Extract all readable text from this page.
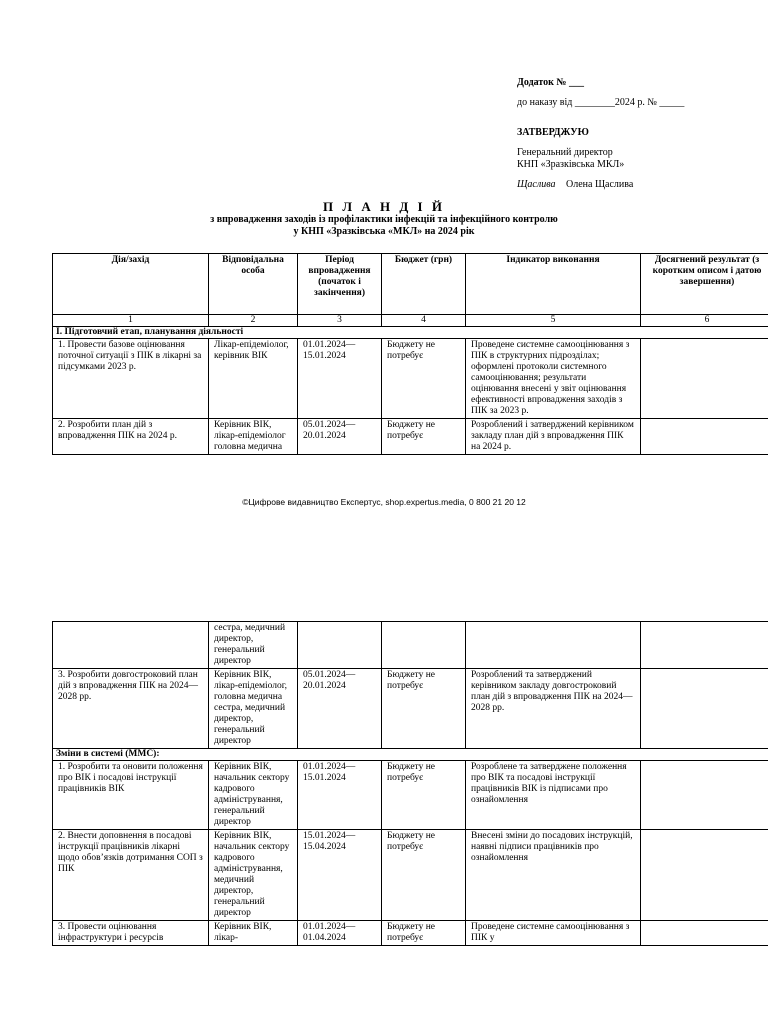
Додаток № ___
до наказу від ________2024 р. № _____
ЗАТВЕРДЖУЮ
Генеральний директор
КНП «Зразківська МКЛ»
Щаслива Олена Щаслива
П Л А Н Д І Й
з впровадження заходів із профілактики інфекцій та інфекційного контролю
у КНП «Зразківська «МКЛ» на 2024 рік
Дія/захід	Відповідальна особа	Період впровадження (початок і закінчення)	Бюджет (грн)	Індикатор виконання	Досягнений результат (з коротким описом і датою завершення)
1	2	3	4	5	6
І. Підготовчий етап, планування діяльності					
1. Провести базове оцінювання поточної ситуації з ПІК в лікарні за підсумками 2023 р.	Лікар-епідеміолог, керівник ВІК	01.01.2024—15.01.2024	Бюджету не потребує	Проведене системне самооцінювання з ПІК в структурних підрозділах; оформлені протоколи системного самооцінювання; результати оцінювання внесені у звіт оцінювання ефективності впровадження заходів з ПІК за 2023 р.	
2. Розробити план дій з впровадження ПІК на 2024 р.	Керівник ВІК, лікар-епідеміолог головна медична	05.01.2024—20.01.2024	Бюджету не потребує	Розроблений і затверджений керівником закладу план дій з впровадження ПІК на 2024 р.	
©Цифрове видавництво Експертус, shop.expertus.media, 0 800 21 20 12
	сестра, медичний директор, генеральний директор				
3. Розробити довгостроковий план дій з впровадження ПІК на 2024—2028 рр.	Керівник ВІК, лікар-епідеміолог, головна медична сестра, медичний директор, генеральний директор	05.01.2024—20.01.2024	Бюджету не потребує	Розроблений та затверджений керівником закладу довгостроковий план дій з впровадження ПІК на 2024—2028 рр.	
Зміни в системі (ММС):					
1. Розробити та оновити положення про ВІК і посадові інструкції працівників ВІК	Керівник ВІК, начальник сектору кадрового адміністрування, генеральний директор	01.01.2024—15.01.2024	Бюджету не потребує	Розроблене та затверджене положення про ВІК та посадові інструкції працівників ВІК із підписами про ознайомлення	
2. Внести доповнення в посадові інструкції працівників лікарні щодо обов’язків дотримання СОП з ПІК	Керівник ВІК, начальник сектору кадрового адміністрування, медичний директор, генеральний директор	15.01.2024—15.04.2024	Бюджету не потребує	Внесені зміни до посадових інструкцій, наявні підписи працівників про ознайомлення	
3. Провести оцінювання інфраструктури і ресурсів	Керівник ВІК, лікар-	01.01.2024—01.04.2024	Бюджету не потребує	Проведене системне самооцінювання з ПІК у	
